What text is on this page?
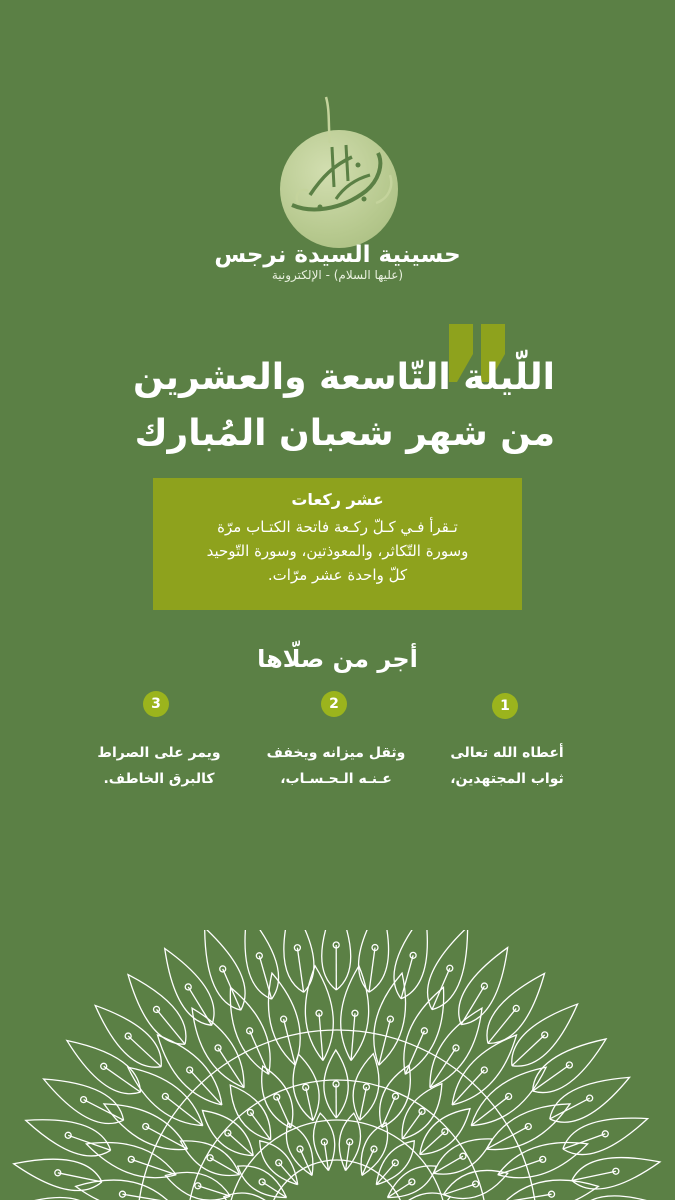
حسينية السيدة نرجس
(عليها السلام) - الإلكترونية
اللّيلة التّاسعة والعشرين
من شهر شعبان المُبارك
عشر ركعات
تـقرأ فـي كـلّ ركـعة فاتحة الكتـاب مرّة
وسورة التّكاثر، والمعوذتين، وسورة التّوحيد
كلّ واحدة عشر مرّات.
أجر من صلّاها
1
2
3
أعطاه الله تعالى
ثواب المجتهدين،
وثقل ميزانه ويخفف
عـنـه الـحـسـاب،
ويمر على الصراط
كالبرق الخاطف.
